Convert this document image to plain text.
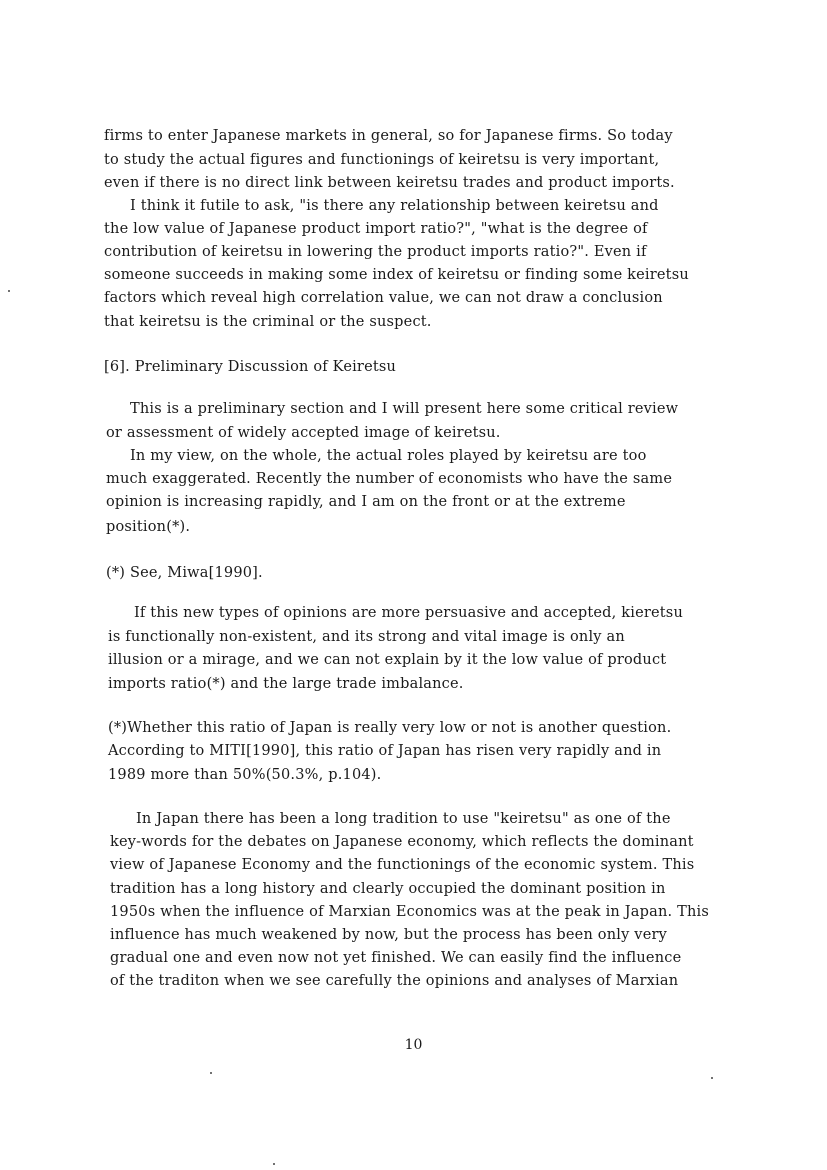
firms to enter Japanese markets in general, so for Japanese firms. So today
to study the actual figures and functionings of keiretsu is very important,
even if there is no direct link between keiretsu trades and product imports.
I think it futile to ask, "is there any relationship between keiretsu and
the low value of Japanese product import ratio?", "what is the degree of
contribution of keiretsu in lowering the product imports ratio?". Even if
someone succeeds in making some index of keiretsu or finding some keiretsu
factors which reveal high correlation value, we can not draw a conclusion
that keiretsu is the criminal or the suspect.
[6]. Preliminary Discussion of Keiretsu
This is a preliminary section and I will present here some critical review
or assessment of widely accepted image of keiretsu.
In my view, on the whole, the actual roles played by keiretsu are too
much exaggerated. Recently the number of economists who have the same
opinion is increasing rapidly, and I am on the front or at the extreme
position(*).
(*) See, Miwa[1990].
If this new types of opinions are more persuasive and accepted, kieretsu
is functionally non-existent, and its strong and vital image is only an
illusion or a mirage, and we can not explain by it the low value of product
imports ratio(*) and the large trade imbalance.
(*)Whether this ratio of Japan is really very low or not is another question.
According to MITI[1990], this ratio of Japan has risen very rapidly and in
1989 more than 50%(50.3%, p.104).
In Japan there has been a long tradition to use "keiretsu" as one of the
key-words for the debates on Japanese economy, which reflects the dominant
view of Japanese Economy and the functionings of the economic system. This
tradition has a long history and clearly occupied the dominant position in
1950s when the influence of Marxian Economics was at the peak in Japan. This
influence has much weakened by now, but the process has been only very
gradual one and even now not yet finished. We can easily find the influence
of the traditon when we see carefully the opinions and analyses of Marxian
10
